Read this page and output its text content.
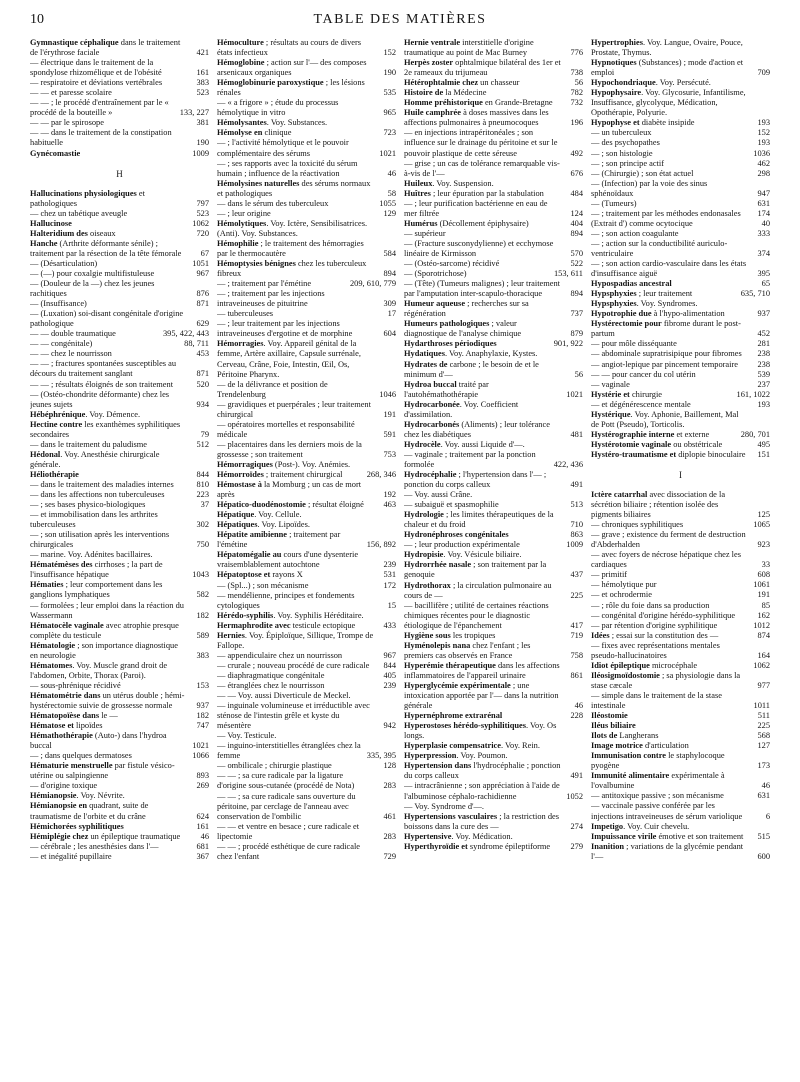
10	TABLE DES MATIÈRES
Gymnastique céphalique dans le traitement de l'érythrose faciale	421
— électrique dans le traitement de la spondylose rhizomélique et de l'obésité	161
— respiratoire et déviations vertébrales	383
— — et paresse scolaire	523
— — ; le procédé d'entraînement par le « procédé de la bouteille »	133, 227
— — par le spirosope	381
— — dans le traitement de la constipation habituelle	190
Gynécomastie	1009
H
Hallucinations physiologiques et pathologiques	797
— chez un tabétique aveugle	523
Hallucinose	1062
Halteridium des oiseaux	720
Hanche (Arthrite déformante sénile) ; traitement par la résection de la tête fémorale	67
— (Désarticulation)	1051
— (—) pour coxalgie multifistuleuse	967
— (Douleur de la —) chez les jeunes rachitiques	876
— (Insuffisance)	871
— (Luxation) soi-disant congénitale d'origine pathologique	629
— — double traumatique	395, 422, 443
— — congénitale)	88, 711
— — chez le nourrisson	453
— — ; fractures spontanées susceptibles au décours du traitement sanglant	871
— — ; résultats éloignés de son traitement	520
— (Ostéo-chondrite déformante) chez les jeunes sujets	934
Hébéphrénique. Voy. Démence.
Hectine contre les exanthèmes syphilitiques secondaires	79
— dans le traitement du paludisme	512
Hédonal. Voy. Anesthésie chirurgicale générale.
Héliothérapie	844
— dans le traitement des maladies internes	810
— dans les affections non tuberculeuses	223
— ; ses bases physico-biologiques	37
— et immobilisation dans les arthrites tuberculeuses	302
— ; son utilisation après les interventions chirurgicales	750
— marine. Voy. Adénites bacillaires.
Hématémèses des cirrhoses ; la part de l'insuffisance hépatique	1043
Hématies ; leur comportement dans les ganglions lymphatiques	582
— formolées ; leur emploi dans la réaction du Wassermann	182
Hématocèle vaginale avec atrophie presque complète du testicule	589
Hématologie ; son importance diagnostique en neurologie	383
Hématomes. Voy. Muscle grand droit de l'abdomen, Orbite, Thorax (Paroi).
— sous-phrénique récidivé	153
Hématométrie dans un utérus double ; hémi-hystérectomie suivie de grossesse normale	937
Hématopoïèse dans le —	182
Hématose et lipoïdes	747
Hémathothérapie (Auto-) dans l'hydroa buccal	1021
— ; dans quelques dermatoses	1066
Hématurie menstruelle par fistule vésico-utérine ou salpingienne	893
— d'origine toxique	269
Hémianopsie. Voy. Névrite.
Hémianopsie en quadrant, suite de traumatisme de l'orbite et du crâne	624
Hémichorées syphilitiques	161
Hémiplégie chez un épileptique traumatique	46
— cérébrale ; les anesthésies dans l'—	681
— et inégalité pupillaire	367
Hémoculture ; résultats au cours de divers états infectieux	152
Hémoglobine ; action sur l'— des composes arsenicaux organiques	190
Hémoglobinurie paroxystique ; les lésions rénales	535
— « a frigore » ; étude du processus hémolytique in vitro	965
Hémolysantes. Voy. Substances.
Hémolyse en clinique	723
— ; l'activité hémolytique et le pouvoir complémentaire des sérums	1021
— ; ses rapports avec la toxicité du sérum humain ; influence de la réactivation	46
Hémolysines naturelles des sérums normaux et pathologiques	58
— dans le sérum des tuberculeux	1055
— ; leur origine	129
Hémolytiques. Voy. Ictère, Sensibilisatrices.
(Anti). Voy. Substances.
Hémophilie ; le traitement des hémorragies par le thermocautère	584
Hémoptysies bénignes chez les tuberculeux fibreux	894
— ; traitement par l'émétine	209, 610, 779
— ; traitement par les injections intraveineuses de pituitrine	309
— tuberculeuses	17
— ; leur traitement par les injections intraveineuses d'ergotine et de morphine	604
Hémorragies. Voy. Appareil génital de la femme, Artère axillaire, Capsule surrénale, Cerveau, Crâne, Foie, Intestin, Œil, Os, Péritoine Pharynx.
— de la délivrance et position de Trendelenburg	1046
— gravidiques et puerpérales ; leur traitement chirurgical	191
— opératoires mortelles et responsabilité médicale	591
— placentaires dans les derniers mois de la grossesse ; son traitement	753
Hémorragiques (Post-). Voy. Anémies.
Hémorroïdes ; traitement chirurgical	268, 346
Hémostase à la Momburg ; un cas de mort après	192
Hépatico-duodénostomie ; résultat éloigné	463
Hépatique. Voy. Cellule.
Hépatiques. Voy. Lipoïdes.
Hépatite amibienne ; traitement par l'émétine	156, 892
Hépatomégalie au cours d'une dysenterie vraisemblablement autochtone	239
Hépatoptose et rayons X	531
— (Spl...) ; son mécanisme	172
— mendélienne, principes et fondements cytologiques	15
Hérédo-syphilis. Voy. Syphilis Héréditaire.
Hermaphrodite avec testicule ectopique	433
Hernies. Voy. Épiploïque, Sillique, Trompe de Fallope.
— appendiculaire chez un nourrisson	967
— crurale ; nouveau procédé de cure radicale	844
— diaphragmatique congénitale	405
— étranglées chez le nourrisson	239
— — Voy. aussi Diverticule de Meckel.
— inguinale volumineuse et irréductible avec sténose de l'intestin grêle et kyste du mésentère	942
— Voy. Testicule.
— inguino-interstitielles étranglées chez la femme	335, 395
— ombilicale ; chirurgie plastique	128
— — ; sa cure radicale par la ligature d'origine sous-cutanée (procédé de Nota)	283
— — ; sa cure radicale sans ouverture du péritoine, par cerclage de l'anneau avec conservation de l'ombilic	461
— — et ventre en besace ; cure radicale et lipectomie	283
— — ; procédé esthétique de cure radicale chez l'enfant	729
Hernie ventrale interstitielle d'origine traumatique au point de Mac Burney	776
Herpès zoster ophtalmique bilatéral des 1er et 2e rameaux du trijumeau	738
Hétérophtalmie chez un chasseur	56
Histoire de la Médecine	782
Homme préhistorique en Grande-Bretagne	732
Huile camphrée à doses massives dans les affections pulmonaires à pneumocoques	196
— en injections intrapéritonéales ; son influence sur le drainage du péritoine et sur le pouvoir plastique de cette séreuse	492
— grise ; un cas de tolérance remarquable vis-à-vis de l'—	676
Huileux. Voy. Suspension.
Huîtres ; leur épuration par la stabulation	484
— ; leur purification bactérienne en eau de mer filtrée	124
Humérus (Décollement épiphysaire)	404
— supérieur	894
— (Fracture susconydylienne) et ecchymose linéaire de Kirmisson	570
— (Ostéo-sarcome) récidivé	522
— (Sporotrichose)	153, 611
— (Tête) (Tumeurs malignes) ; leur traitement par l'amputation inter-scapulo-thoracique	894
Humeur aqueuse ; recherches sur sa régénération	737
Humeurs pathologiques ; valeur diagnostique de l'analyse chimique	879
Hydarthroses périodiques	901, 922
Hydatiques. Voy. Anaphylaxie, Kystes.
Hydrates de carbone ; le besoin de et le minimum d'—	56
Hydroa buccal traité par l'autohémathothérapie	1021
Hydrocarbonée. Voy. Coefficient d'assimilation.
Hydrocarbonés (Aliments) ; leur tolérance chez les diabétiques	481
Hydrocèle. Voy. aussi Liquide d'—.
— vaginale ; traitement par la ponction formolée	422, 436
Hydrocéphalie ; l'hypertension dans l'— ; ponction du corps calleux	491
— Voy. aussi Crâne.
— subaiguë et spasmophilie	513
Hydrologie ; les limites thérapeutiques de la chaleur et du froid	710
Hydronéphroses congénitales	863
— ; leur production expérimentale	1009
Hydropisie. Voy. Vésicule biliaire.
Hydrorrhée nasale ; son traitement par la genoquie	437
Hydrothorax ; la circulation pulmonaire au cours de —	225
— bacillifère ; utilité de certaines réactions chimiques récentes pour le diagnostic étiologique de l'épanchement	417
Hygiène sous les tropiques	719
Hyménolepis nana chez l'enfant ; les premiers cas observés en France	758
Hyperémie thérapeutique dans les affections inflammatoires de l'appareil urinaire	861
Hyperglycémie expérimentale ; une intoxication apportée par l'— dans la nutrition générale	46
Hypernéphrome extrarénal	228
Hyperostoses hérédo-syphilitiques. Voy. Os longs.
Hyperplasie compensatrice. Voy. Rein.
Hyperpression. Voy. Poumon.
Hypertension dans l'hydrocéphalie ; ponction du corps calleux	491
— intracrânienne ; son appréciation à l'aide de l'albuminose céphalo-rachidienne	1052
— Voy. Syndrome d'—.
Hypertensions vasculaires ; la restriction des boissons dans la cure des —	274
Hypertensive. Voy. Médication.
Hyperthyroïdie et syndrome épileptiforme	279
Hypertrophies. Voy. Langue, Ovaire, Pouce, Prostate, Thymus.
Hypnotiques (Substances) ; mode d'action et emploi	709
Hypochondriaque. Voy. Persécuté.
Hypophysaire. Voy. Glycosurie, Infantilisme, Insuffisance, glycolyque, Médication, Opothérapie, Polyurie.
Hypophyse et diabète insipide	193
— un tuberculeux	152
— des psychopathes	193
— ; son histologie	1036
— ; son principe actif	462
— (Chirurgie) ; son état actuel	298
— (Infection) par la voie des sinus sphénoïdaux	947
— (Tumeurs)	631
— ; traitement par les méthodes endonasales	174
(Extrait d') comme ocytocique	40
— ; son action coagulante	333
— ; action sur la conductibilité auriculo-ventriculaire	374
— ; son action cardio-vasculaire dans les états d'insuffisance aiguë	395
Hypospadias ancestral	65
Hypsphyxies ; leur traitement	635, 710
Hypsphyxies. Voy. Syndromes.
Hypotrophie due à l'hypo-alimentation	937
Hystérectomie pour fibrome durant le post-partum	452
— pour môle disséquante	281
— abdominale supratrisipique pour fibromes	238
— angiot-lepique par pincement temporaire	238
— — pour cancer du col utérin	539
— vaginale	237
Hystérie et chirurgie	161, 1022
— et dégénérescence mentale	193
Hystérique. Voy. Aphonie, Baillement, Mal de Pott (Pseudo), Torticolis.
Hystérographie interne et externe	280, 701
Hystérotomie vaginale ou obstétricale	495
Hystéro-traumatisme et diplopie binoculaire	151
I
Ictère catarrhal avec dissociation de la sécrétion biliaire ; rétention isolée des pigments biliaires	125
— chroniques syphilitiques	1065
— grave ; existence du ferment de destruction d'Abderhalden	923
— avec foyers de nécrose hépatique chez les cardiaques	33
— primitif	608
— hémolytique pur	1061
— et ochrodermie	191
— ; rôle du foie dans sa production	85
— congénital d'origine hérédo-syphilitique	162
— par rétention d'origine syphilitique	1012
Idées ; essai sur la constitution des —	874
— fixes avec représentations mentales pseudo-hallucinatoires	164
Idiot épileptique microcéphale	1062
Iléosigmoïdostomie ; sa physiologie dans la stase cæcale	977
— simple dans le traitement de la stase intestinale	1011
Iléostomie	511
Iléus biliaire	225
Ilots de Langherans	568
Image motrice d'articulation	127
Immunisation contre le staphylocoque pyogène	173
Immunité alimentaire expérimentale à l'ovalbumine	46
— antitoxique passive ; son mécanisme	631
— vaccinale passive conférée par les injections intraveineuses de sérum variolique	6
Impetigo. Voy. Cuir chevelu.
Impuissance virile émotive et son traitement	515
Inanition ; variations de la glycémie pendant l'—	600
